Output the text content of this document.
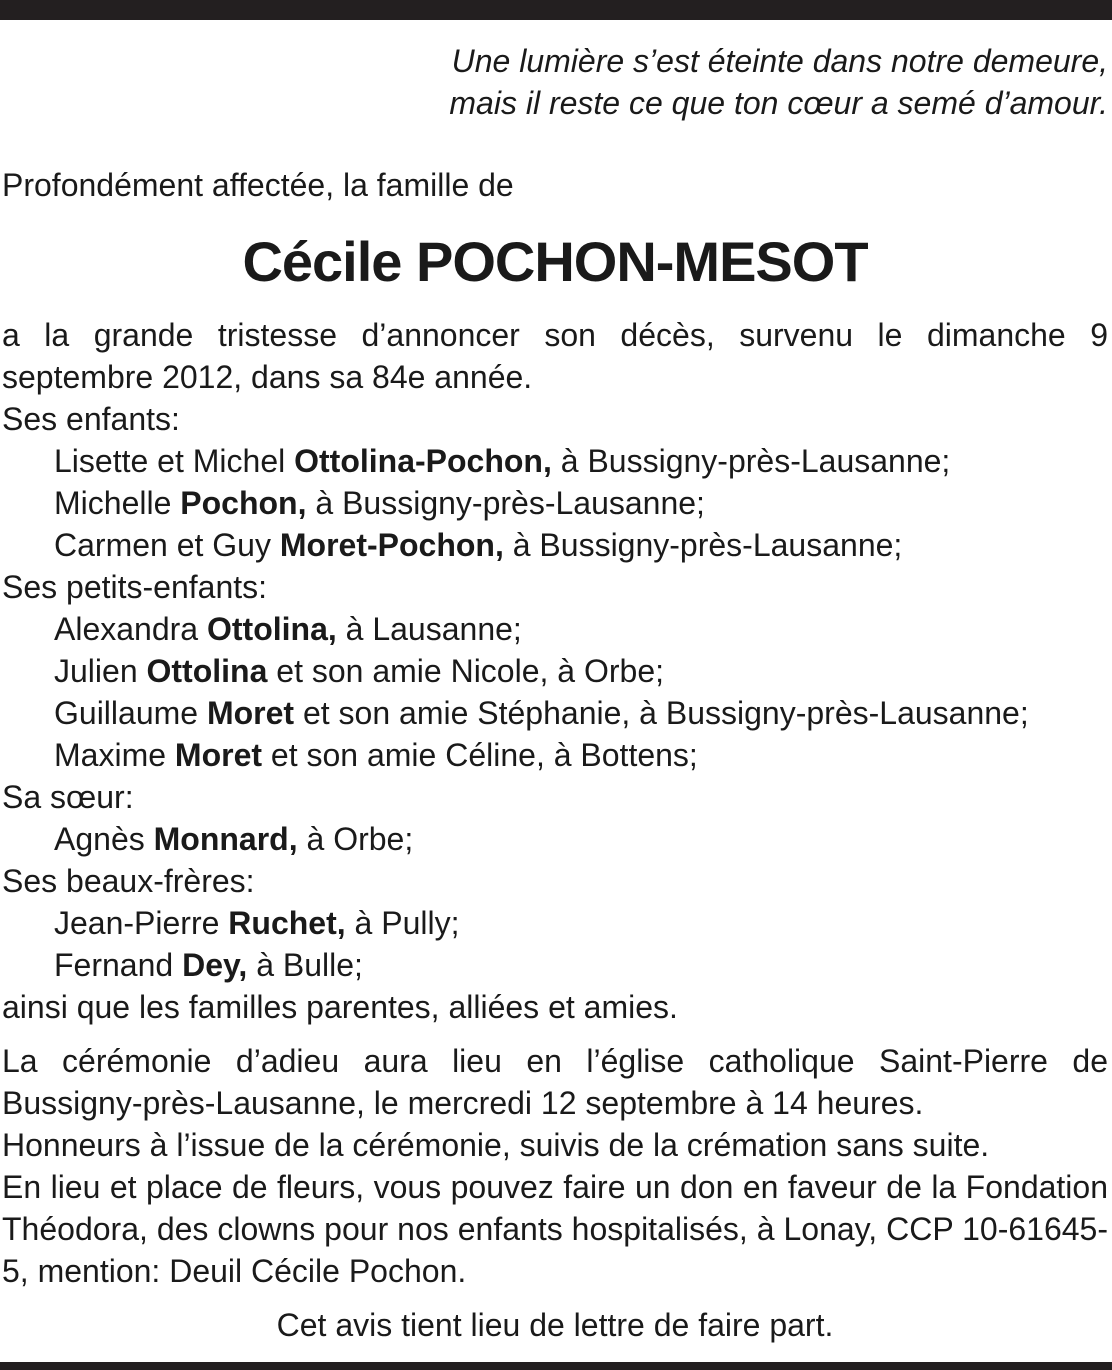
Une lumière s’est éteinte dans notre demeure,
mais il reste ce que ton cœur a semé d’amour.

Profondément affectée, la famille de

Cécile POCHON-MESOT

a la grande tristesse d’annoncer son décès, survenu le dimanche 9 septembre 2012, dans sa 84e année.

Ses enfants:
Lisette et Michel Ottolina-Pochon, à Bussigny-près-Lausanne;
Michelle Pochon, à Bussigny-près-Lausanne;
Carmen et Guy Moret-Pochon, à Bussigny-près-Lausanne;
Ses petits-enfants:
Alexandra Ottolina, à Lausanne;
Julien Ottolina et son amie Nicole, à Orbe;
Guillaume Moret et son amie Stéphanie, à Bussigny-près-Lausanne;
Maxime Moret et son amie Céline, à Bottens;
Sa sœur:
Agnès Monnard, à Orbe;
Ses beaux-frères:
Jean-Pierre Ruchet, à Pully;
Fernand Dey, à Bulle;

ainsi que les familles parentes, alliées et amies.

La cérémonie d’adieu aura lieu en l’église catholique Saint-Pierre de Bussigny-près-Lausanne, le mercredi 12 septembre à 14 heures.

Honneurs à l’issue de la cérémonie, suivis de la crémation sans suite.

En lieu et place de fleurs, vous pouvez faire un don en faveur de la Fondation Théodora, des clowns pour nos enfants hospitalisés, à Lonay, CCP 10-61645-5, mention: Deuil Cécile Pochon.

Cet avis tient lieu de lettre de faire part.
